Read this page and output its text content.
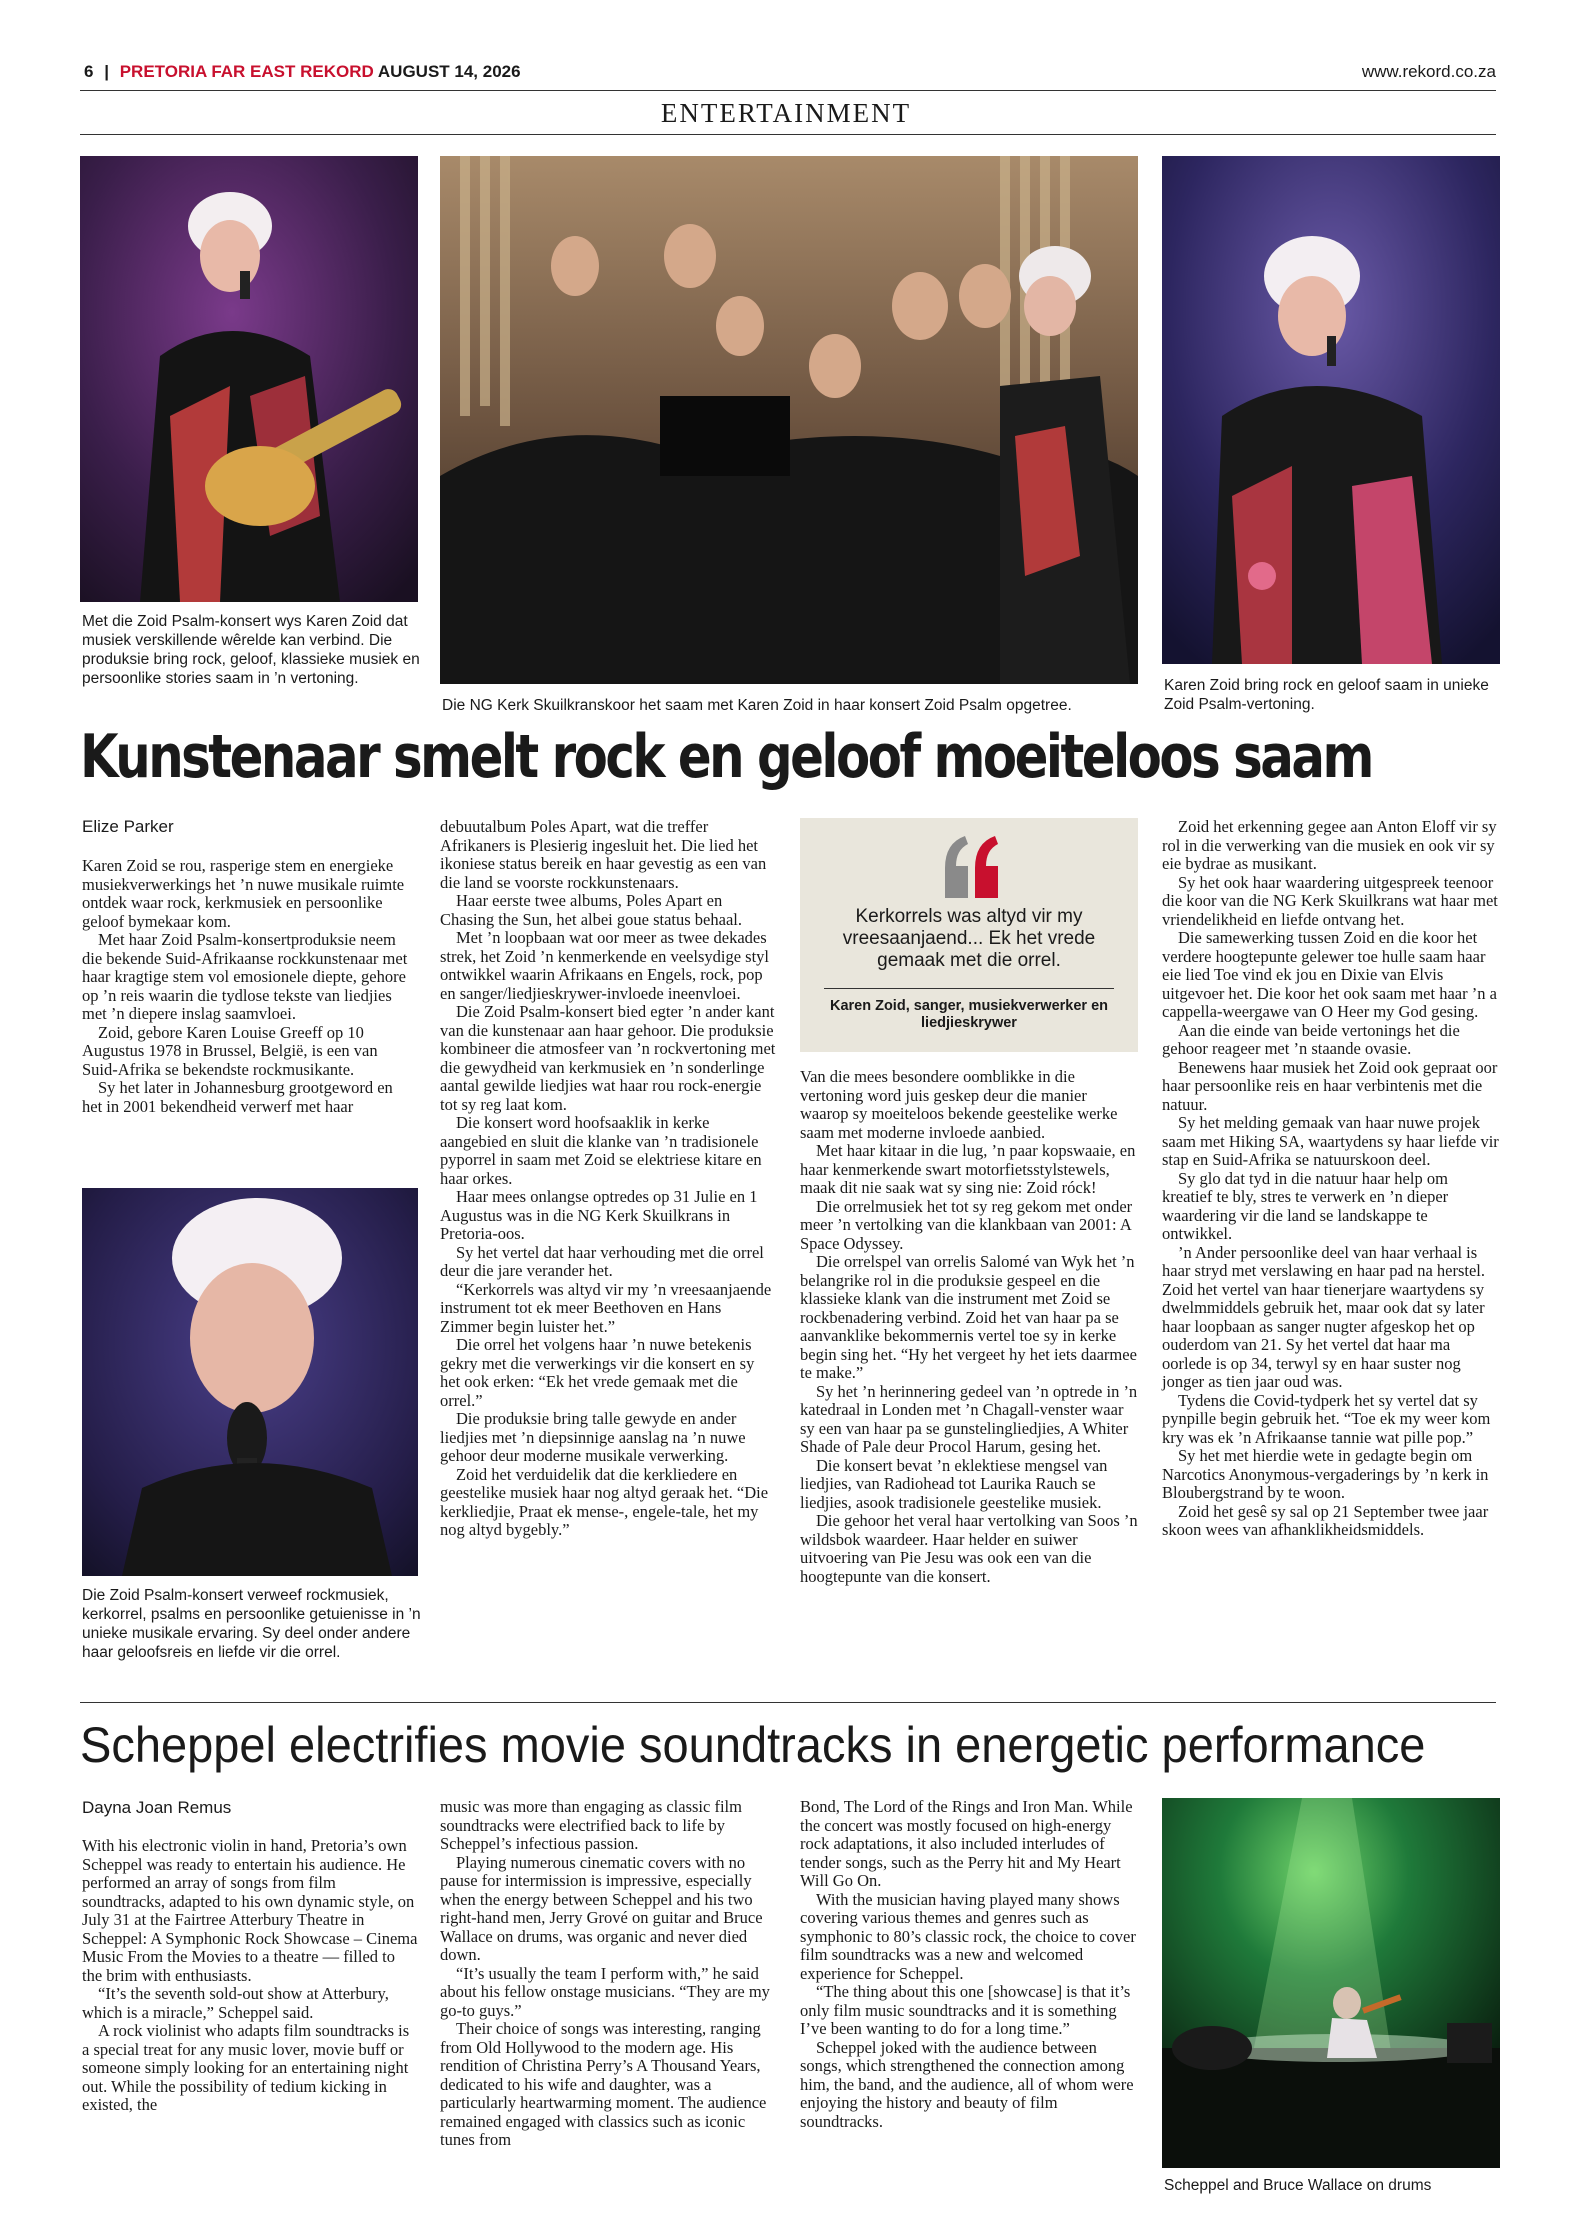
6 | PRETORIA FAR EAST REKORD AUGUST 14, 2026	www.rekord.co.za
ENTERTAINMENT
Met die Zoid Psalm-konsert wys Karen Zoid dat musiek verskillende wêrelde kan verbind. Die produksie bring rock, geloof, klassieke musiek en persoonlike stories saam in ’n vertoning.
Die NG Kerk Skuilkranskoor het saam met Karen Zoid in haar konsert Zoid Psalm opgetree.
Karen Zoid bring rock en geloof saam in unieke Zoid Psalm-vertoning.
Kunstenaar smelt rock en geloof moeiteloos saam
Elize Parker

Karen Zoid se rou, rasperige stem en energieke musiekverwerkings het ’n nuwe musikale ruimte ontdek waar rock, kerkmusiek en persoonlike geloof bymekaar kom.

Met haar Zoid Psalm-konsertproduksie neem die bekende Suid-Afrikaanse rockkunstenaar met haar kragtige stem vol emosionele diepte, gehore op ’n reis waarin die tydlose tekste van liedjies met ’n diepere inslag saamvloei.

Zoid, gebore Karen Louise Greeff op 10 Augustus 1978 in Brussel, België, is een van Suid-Afrika se bekendste rockmusikante.

Sy het later in Johannesburg grootgeword en het in 2001 bekendheid verwerf met haar

Die Zoid Psalm-konsert verweef rockmusiek, kerkorrel, psalms en persoonlike getuienisse in ’n unieke musikale ervaring. Sy deel onder andere haar geloofsreis en liefde vir die orrel.

debuutalbum Poles Apart, wat die treffer Afrikaners is Plesierig ingesluit het. Die lied het ikoniese status bereik en haar gevestig as een van die land se voorste rockkunstenaars.

Haar eerste twee albums, Poles Apart en Chasing the Sun, het albei goue status behaal.

Met ’n loopbaan wat oor meer as twee dekades strek, het Zoid ’n kenmerkende en veelsydige styl ontwikkel waarin Afrikaans en Engels, rock, pop en sanger/liedjieskrywer-invloede ineenvloei.

Die Zoid Psalm-konsert bied egter ’n ander kant van die kunstenaar aan haar gehoor. Die produksie kombineer die atmosfeer van ’n rockvertoning met die gewydheid van kerkmusiek en ’n sonderlinge aantal gewilde liedjies wat haar rou rock-energie tot sy reg laat kom.

Die konsert word hoofsaaklik in kerke aangebied en sluit die klanke van ’n tradisionele pyporrel in saam met Zoid se elektriese kitare en haar orkes.

Haar mees onlangse optredes op 31 Julie en 1 Augustus was in die NG Kerk Skuilkrans in Pretoria-oos.

Sy het vertel dat haar verhouding met die orrel deur die jare verander het.

“Kerkorrels was altyd vir my ’n vreesaanjaende instrument tot ek meer Beethoven en Hans Zimmer begin luister het.”

Die orrel het volgens haar ’n nuwe betekenis gekry met die verwerkings vir die konsert en sy het ook erken: “Ek het vrede gemaak met die orrel.”

Die produksie bring talle gewyde en ander liedjies met ’n diepsinnige aanslag na ’n nuwe gehoor deur moderne musikale verwerking.

Zoid het verduidelik dat die kerkliedere en geestelike musiek haar nog altyd geraak het. “Die kerkliedjie, Praat ek mense-, engele-tale, het my nog altyd bygebly.”

Kerkorrels was altyd vir my vreesaanjaend... Ek het vrede gemaak met die orrel.
Karen Zoid, sanger, musiekverwerker en liedjieskrywer

Van die mees besondere oomblikke in die vertoning word juis geskep deur die manier waarop sy moeiteloos bekende geestelike werke saam met moderne invloede aanbied.

Met haar kitaar in die lug, ’n paar kopswaaie, en haar kenmerkende swart motorfietsstylstewels, maak dit nie saak wat sy sing nie: Zoid róck!

Die orrelmusiek het tot sy reg gekom met onder meer ’n vertolking van die klankbaan van 2001: A Space Odyssey.

Die orrelspel van orrelis Salomé van Wyk het ’n belangrike rol in die produksie gespeel en die klassieke klank van die instrument met Zoid se rockbenadering verbind. Zoid het van haar pa se aanvanklike bekommernis vertel toe sy in kerke begin sing het. “Hy het vergeet hy het iets daarmee te make.”

Sy het ’n herinnering gedeel van ’n optrede in ’n katedraal in Londen met ’n Chagall-venster waar sy een van haar pa se gunstelingliedjies, A Whiter Shade of Pale deur Procol Harum, gesing het.

Die konsert bevat ’n eklektiese mengsel van liedjies, van Radiohead tot Laurika Rauch se liedjies, asook tradisionele geestelike musiek.

Die gehoor het veral haar vertolking van Soos ’n wildsbok waardeer. Haar helder en suiwer uitvoering van Pie Jesu was ook een van die hoogtepunte van die konsert.

Zoid het erkenning gegee aan Anton Eloff vir sy rol in die verwerking van die musiek en ook vir sy eie bydrae as musikant.

Sy het ook haar waardering uitgespreek teenoor die koor van die NG Kerk Skuilkrans wat haar met vriendelikheid en liefde ontvang het.

Die samewerking tussen Zoid en die koor het verdere hoogtepunte gelewer toe hulle saam haar eie lied Toe vind ek jou en Dixie van Elvis uitgevoer het. Die koor het ook saam met haar ’n a cappella-weergawe van O Heer my God gesing.

Aan die einde van beide vertonings het die gehoor reageer met ’n staande ovasie.

Benewens haar musiek het Zoid ook gepraat oor haar persoonlike reis en haar verbintenis met die natuur.

Sy het melding gemaak van haar nuwe projek saam met Hiking SA, waartydens sy haar liefde vir stap en Suid-Afrika se natuurskoon deel.

Sy glo dat tyd in die natuur haar help om kreatief te bly, stres te verwerk en ’n dieper waardering vir die land se landskappe te ontwikkel.

’n Ander persoonlike deel van haar verhaal is haar stryd met verslawing en haar pad na herstel. Zoid het vertel van haar tienerjare waartydens sy dwelmmiddels gebruik het, maar ook dat sy later haar loopbaan as sanger nugter afgeskop het op ouderdom van 21. Sy het vertel dat haar ma oorlede is op 34, terwyl sy en haar suster nog jonger as tien jaar oud was.

Tydens die Covid-tydperk het sy vertel dat sy pynpille begin gebruik het. “Toe ek my weer kom kry was ek ’n Afrikaanse tannie wat pille pop.”

Sy het met hierdie wete in gedagte begin om Narcotics Anonymous-vergaderings by ’n kerk in Bloubergstrand by te woon.

Zoid het gesê sy sal op 21 September twee jaar skoon wees van afhanklikheidsmiddels.

Scheppel electrifies movie soundtracks in energetic performance
Dayna Joan Remus

With his electronic violin in hand, Pretoria’s own Scheppel was ready to entertain his audience. He performed an array of songs from film soundtracks, adapted to his own dynamic style, on July 31 at the Fairtree Atterbury Theatre in Scheppel: A Symphonic Rock Showcase – Cinema Music From the Movies to a theatre — filled to the brim with enthusiasts.

“It’s the seventh sold-out show at Atterbury, which is a miracle,” Scheppel said.

A rock violinist who adapts film soundtracks is a special treat for any music lover, movie buff or someone simply looking for an entertaining night out. While the possibility of tedium kicking in existed, the

music was more than engaging as classic film soundtracks were electrified back to life by Scheppel’s infectious passion.

Playing numerous cinematic covers with no pause for intermission is impressive, especially when the energy between Scheppel and his two right-hand men, Jerry Grové on guitar and Bruce Wallace on drums, was organic and never died down.

“It’s usually the team I perform with,” he said about his fellow onstage musicians. “They are my go-to guys.”

Their choice of songs was interesting, ranging from Old Hollywood to the modern age. His rendition of Christina Perry’s A Thousand Years, dedicated to his wife and daughter, was a particularly heartwarming moment. The audience remained engaged with classics such as iconic tunes from

Bond, The Lord of the Rings and Iron Man. While the concert was mostly focused on high-energy rock adaptations, it also included interludes of tender songs, such as the Perry hit and My Heart Will Go On.

With the musician having played many shows covering various themes and genres such as symphonic to 80’s classic rock, the choice to cover film soundtracks was a new and welcomed experience for Scheppel.

“The thing about this one [showcase] is that it’s only film music soundtracks and it is something I’ve been wanting to do for a long time.”

Scheppel joked with the audience between songs, which strengthened the connection among him, the band, and the audience, all of whom were enjoying the history and beauty of film soundtracks.

Scheppel and Bruce Wallace on drums
